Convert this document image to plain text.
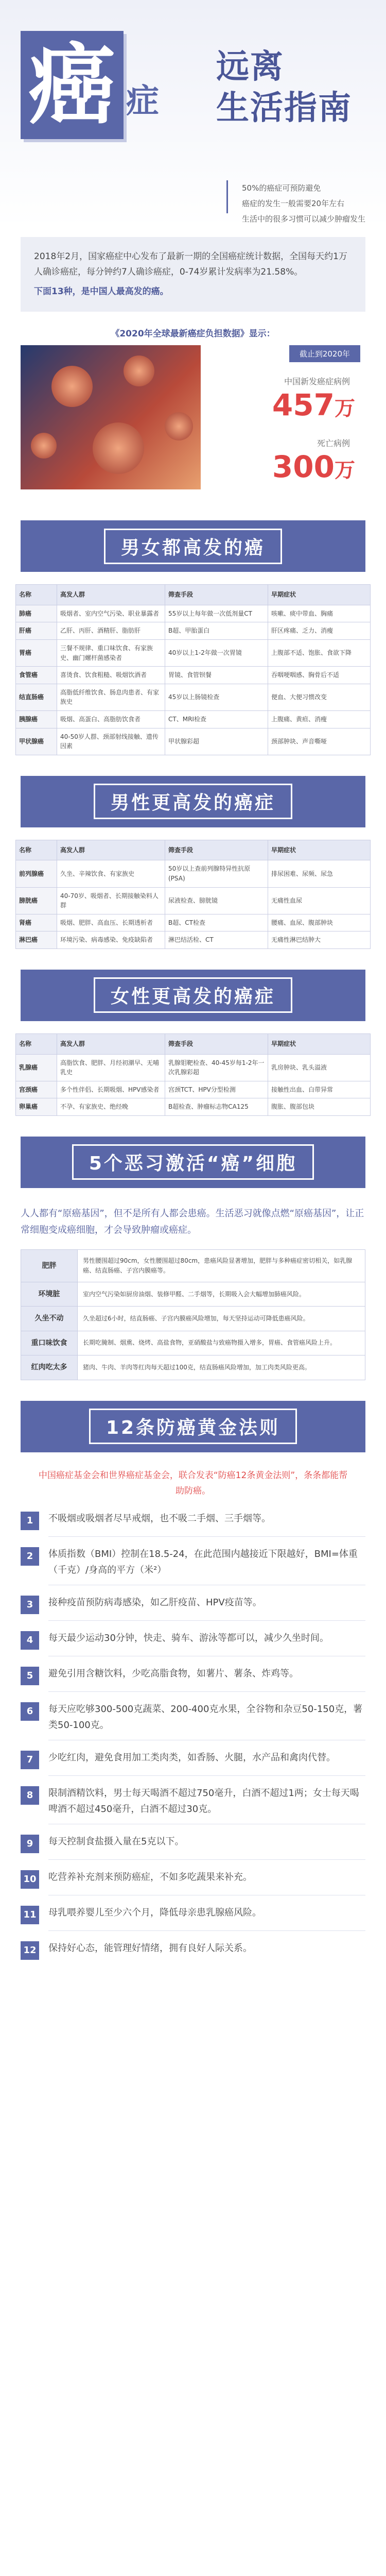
癌 症
远离
生活指南
50%的癌症可预防避免
癌症的发生一般需要20年左右
生活中的很多习惯可以减少肿瘤发生
2018年2月，国家癌症中心发布了最新一期的全国癌症统计数据，全国每天约1万人确诊癌症，每分钟约7人确诊癌症，0-74岁累计发病率为21.58%。
下面13种，是中国人最高发的癌。
《2020年全球最新癌症负担数据》显示：
截止到2020年
中国新发癌症病例
457万
死亡病例
300万
男女都高发的癌
名称	高发人群	筛查手段	早期症状
肺癌	吸烟者、室内空气污染、职业暴露者	55岁以上每年做一次低剂量CT	咳嗽、痰中带血、胸痛
肝癌	乙肝、丙肝、酒精肝、脂肪肝	B超、甲胎蛋白	肝区疼痛、乏力、消瘦
胃癌	三餐不规律、重口味饮食、有家族史、幽门螺杆菌感染者	40岁以上1-2年做一次胃镜	上腹部不适、饱胀、食欲下降
食管癌	喜烫食、饮食粗糙、吸烟饮酒者	胃镜、食管钡餐	吞咽哽咽感、胸骨后不适
结直肠癌	高脂低纤维饮食、肠息肉患者、有家族史	45岁以上肠镜检查	便血、大便习惯改变
胰腺癌	吸烟、高蛋白、高脂肪饮食者	CT、MRI检查	上腹痛、黄疸、消瘦
甲状腺癌	40-50岁人群、颈部射线接触、遗传因素	甲状腺彩超	颈部肿块、声音嘶哑
男性更高发的癌症
名称	高发人群	筛查手段	早期症状
前列腺癌	久坐、辛辣饮食、有家族史	50岁以上查前列腺特异性抗原(PSA)	排尿困难、尿频、尿急
膀胱癌	40-70岁、吸烟者、长期接触染料人群	尿液检查、膀胱镜	无痛性血尿
肾癌	吸烟、肥胖、高血压、长期透析者	B超、CT检查	腰痛、血尿、腹部肿块
淋巴癌	环境污染、病毒感染、免疫缺陷者	淋巴结活检、CT	无痛性淋巴结肿大
女性更高发的癌症
名称	高发人群	筛查手段	早期症状
乳腺癌	高脂饮食、肥胖、月经初潮早、无哺乳史	乳腺钼靶检查、40-45岁每1-2年一次乳腺彩超	乳房肿块、乳头溢液
宫颈癌	多个性伴侣、长期吸烟、HPV感染者	宫颈TCT、HPV分型检测	接触性出血、白带异常
卵巢癌	不孕、有家族史、绝经晚	B超检查、肿瘤标志物CA125	腹胀、腹部包块
5个恶习激活“癌”细胞
人人都有“原癌基因”，但不是所有人都会患癌。生活恶习就像点燃“原癌基因”，让正常细胞变成癌细胞，才会导致肿瘤或癌症。
肥胖	男性腰围超过90cm，女性腰围超过80cm，患癌风险显著增加，肥胖与多种癌症密切相关，如乳腺癌、结直肠癌、子宫内膜癌等。
环境脏	室内空气污染如厨房油烟、装修甲醛、二手烟等，长期吸入会大幅增加肺癌风险。
久坐不动	久坐超过6小时，结直肠癌、子宫内膜癌风险增加，每天坚持运动可降低患癌风险。
重口味饮食	长期吃腌制、烟熏、烧烤、高盐食物，亚硝酸盐与致癌物摄入增多，胃癌、食管癌风险上升。
红肉吃太多	猪肉、牛肉、羊肉等红肉每天超过100克，结直肠癌风险增加，加工肉类风险更高。
12条防癌黄金法则
中国癌症基金会和世界癌症基金会，联合发表“防癌12条黄金法则”，条条都能帮助防癌。
1	不吸烟或吸烟者尽早戒烟，也不吸二手烟、三手烟等。
2	体质指数（BMI）控制在18.5-24，在此范围内越接近下限越好，BMI=体重（千克）/身高的平方（米²）
3	接种疫苗预防病毒感染，如乙肝疫苗、HPV疫苗等。
4	每天最少运动30分钟，快走、骑车、游泳等都可以，减少久坐时间。
5	避免引用含糖饮料，少吃高脂食物，如薯片、薯条、炸鸡等。
6	每天应吃够300-500克蔬菜、200-400克水果，全谷物和杂豆50-150克，薯类50-100克。
7	少吃红肉，避免食用加工类肉类，如香肠、火腿，水产品和禽肉代替。
8	限制酒精饮料，男士每天喝酒不超过750毫升，白酒不超过1两；女士每天喝啤酒不超过450毫升，白酒不超过30克。
9	每天控制食盐摄入量在5克以下。
10	吃营养补充剂来预防癌症，不如多吃蔬果来补充。
11	母乳喂养婴儿至少六个月，降低母亲患乳腺癌风险。
12	保持好心态，能管理好情绪，拥有良好人际关系。
